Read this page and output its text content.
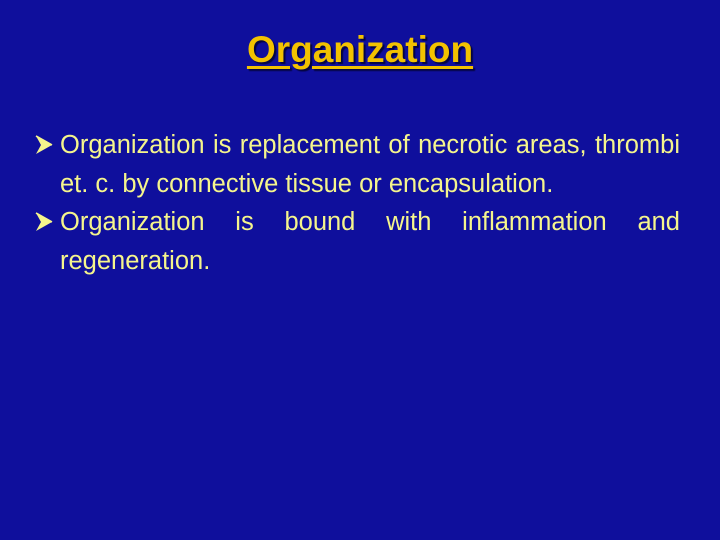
Organization
Organization is replacement of necrotic areas, thrombi et. c. by connective tissue or encapsulation.
Organization is bound with inflammation and regeneration.
